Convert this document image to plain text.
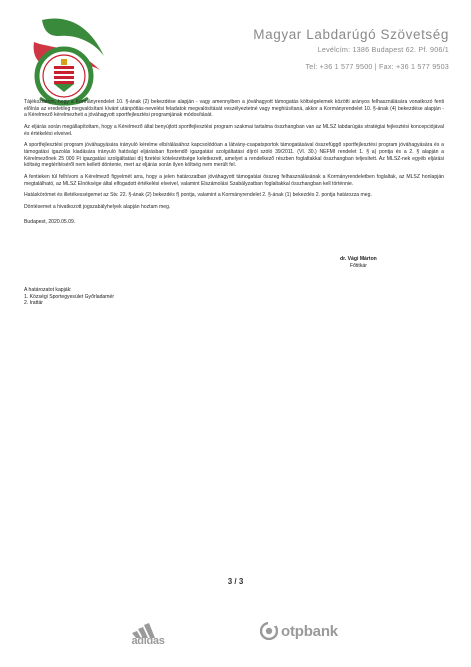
Magyar Labdarúgó Szövetség
Levélcím: 1386 Budapest 62. Pf. 906/1
Tel: +36 1 577 9500 | Fax: +36 1 577 9503

Tájékoztatom, hogy a Kormányrendelet 10. §-ának (2) bekezdése alapján - vagy amennyiben a jóváhagyott támogatás költségelemek közötti arányos felhasználására vonatkozó fenti előírás az eredetileg megvalósítani kívánt utánpótlás-nevelési feladatok megvalósítását veszélyeztetné vagy meghiúsítaná, akkor a Kormányrendelet 10. §-ának (4) bekezdése alapján - a Kérelmező kérelmezheti a jóváhagyott sportfejlesztési programjának módosítását.

Az eljárás során megállapítottam, hogy a Kérelmező által benyújtott sportfejlesztési program szakmai tartalma összhangban van az MLSZ labdarúgás stratégiai fejlesztési koncepciójával és értékelési elveivel.

A sportfejlesztési program jóváhagyására irányuló kérelme elbírálásához kapcsolódóan a látvány-csapatsportok támogatásával összefüggő sportfejlesztési program jóváhagyására és a támogatási igazolás kiadására irányuló hatósági eljárásban fizetendő igazgatási szolgáltatási díjról szóló 39/2011. (VI. 30.) NEFMI rendelet 1. § a) pontja és a 2. § alapján a Kérelmezőnek 25 000 Ft igazgatási szolgáltatási díj fizetési kötelezettsége keletkezett, amelyet a rendelkező részben foglaltakkal összhangban teljesített. Az MLSZ-nek egyéb eljárási költség megtérítéséről nem kellett döntenie, mert az eljárás során ilyen költség nem merült fel.

A fentieken túl felhívom a Kérelmező figyelmét arra, hogy a jelen határozatban jóváhagyott támogatási összeg felhasználásának a Kormányrendeletben foglaltak, az MLSZ honlapján megtalálható, az MLSZ Elnöksége által elfogadott értékelési elveivel, valamint Elszámolási Szabályzatban foglaltakkal összhangban kell történnie.

Hatáskörömet és illetékességemet az Stv. 22. §-ának (2) bekezdés f) pontja, valamint a Kormányrendelet 2. §-ának (1) bekezdés 2. pontja határozza meg.

Döntésemet a hivatkozott jogszabályhelyek alapján hoztam meg.

Budapest, 2020.05.09.
dr. Vági Márton
Főtitkár
A határozatot kapják:
1. Községi Sportegyesület Győrladamér
2. Irattár
3 / 3
adidas
otpbank
